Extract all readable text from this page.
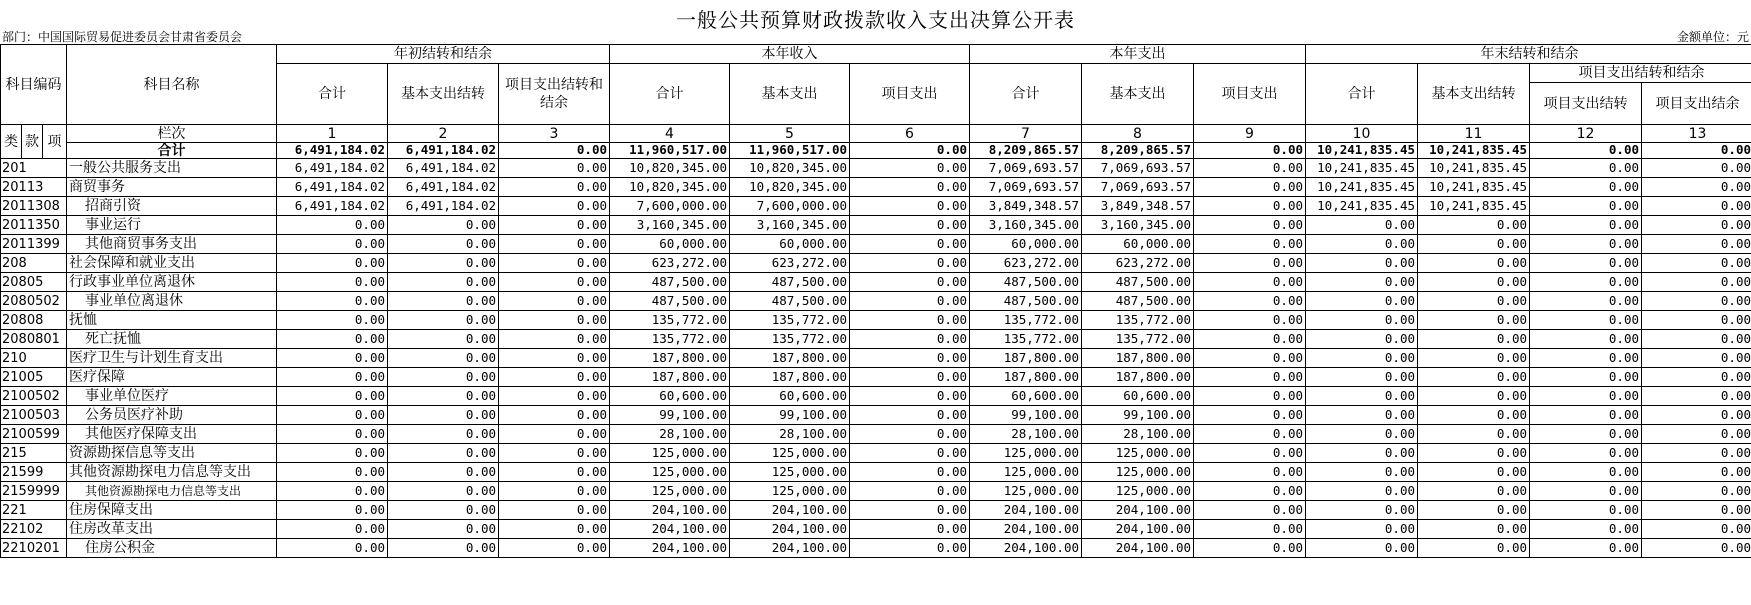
一般公共预算财政拨款收入支出决算公开表
部门：中国国际贸易促进委员会甘肃省委员会	金额单位：元
科目编码			科目名称	年初结转和结余			本年收入			本年支出			年末结转和结余			
				合计	基本支出结转	项目支出结转和结余	合计	基本支出	项目支出	合计	基本支出	项目支出	合计	基本支出结转	项目支出结转和结余	
															项目支出结转	项目支出结余
类	款	项	栏次	1	2	3	4	5	6	7	8	9	10	11	12	13
			合计	6,491,184.02	6,491,184.02	0.00	11,960,517.00	11,960,517.00	0.00	8,209,865.57	8,209,865.57	0.00	10,241,835.45	10,241,835.45	0.00	0.00
201			一般公共服务支出	6,491,184.02	6,491,184.02	0.00	10,820,345.00	10,820,345.00	0.00	7,069,693.57	7,069,693.57	0.00	10,241,835.45	10,241,835.45	0.00	0.00
20113			商贸事务	6,491,184.02	6,491,184.02	0.00	10,820,345.00	10,820,345.00	0.00	7,069,693.57	7,069,693.57	0.00	10,241,835.45	10,241,835.45	0.00	0.00
2011308			招商引资	6,491,184.02	6,491,184.02	0.00	7,600,000.00	7,600,000.00	0.00	3,849,348.57	3,849,348.57	0.00	10,241,835.45	10,241,835.45	0.00	0.00
2011350			事业运行	0.00	0.00	0.00	3,160,345.00	3,160,345.00	0.00	3,160,345.00	3,160,345.00	0.00	0.00	0.00	0.00	0.00
2011399			其他商贸事务支出	0.00	0.00	0.00	60,000.00	60,000.00	0.00	60,000.00	60,000.00	0.00	0.00	0.00	0.00	0.00
208			社会保障和就业支出	0.00	0.00	0.00	623,272.00	623,272.00	0.00	623,272.00	623,272.00	0.00	0.00	0.00	0.00	0.00
20805			行政事业单位离退休	0.00	0.00	0.00	487,500.00	487,500.00	0.00	487,500.00	487,500.00	0.00	0.00	0.00	0.00	0.00
2080502			事业单位离退休	0.00	0.00	0.00	487,500.00	487,500.00	0.00	487,500.00	487,500.00	0.00	0.00	0.00	0.00	0.00
20808			抚恤	0.00	0.00	0.00	135,772.00	135,772.00	0.00	135,772.00	135,772.00	0.00	0.00	0.00	0.00	0.00
2080801			死亡抚恤	0.00	0.00	0.00	135,772.00	135,772.00	0.00	135,772.00	135,772.00	0.00	0.00	0.00	0.00	0.00
210			医疗卫生与计划生育支出	0.00	0.00	0.00	187,800.00	187,800.00	0.00	187,800.00	187,800.00	0.00	0.00	0.00	0.00	0.00
21005			医疗保障	0.00	0.00	0.00	187,800.00	187,800.00	0.00	187,800.00	187,800.00	0.00	0.00	0.00	0.00	0.00
2100502			事业单位医疗	0.00	0.00	0.00	60,600.00	60,600.00	0.00	60,600.00	60,600.00	0.00	0.00	0.00	0.00	0.00
2100503			公务员医疗补助	0.00	0.00	0.00	99,100.00	99,100.00	0.00	99,100.00	99,100.00	0.00	0.00	0.00	0.00	0.00
2100599			其他医疗保障支出	0.00	0.00	0.00	28,100.00	28,100.00	0.00	28,100.00	28,100.00	0.00	0.00	0.00	0.00	0.00
215			资源勘探信息等支出	0.00	0.00	0.00	125,000.00	125,000.00	0.00	125,000.00	125,000.00	0.00	0.00	0.00	0.00	0.00
21599			其他资源勘探电力信息等支出	0.00	0.00	0.00	125,000.00	125,000.00	0.00	125,000.00	125,000.00	0.00	0.00	0.00	0.00	0.00
2159999			其他资源勘探电力信息等支出	0.00	0.00	0.00	125,000.00	125,000.00	0.00	125,000.00	125,000.00	0.00	0.00	0.00	0.00	0.00
221			住房保障支出	0.00	0.00	0.00	204,100.00	204,100.00	0.00	204,100.00	204,100.00	0.00	0.00	0.00	0.00	0.00
22102			住房改革支出	0.00	0.00	0.00	204,100.00	204,100.00	0.00	204,100.00	204,100.00	0.00	0.00	0.00	0.00	0.00
2210201			住房公积金	0.00	0.00	0.00	204,100.00	204,100.00	0.00	204,100.00	204,100.00	0.00	0.00	0.00	0.00	0.00
